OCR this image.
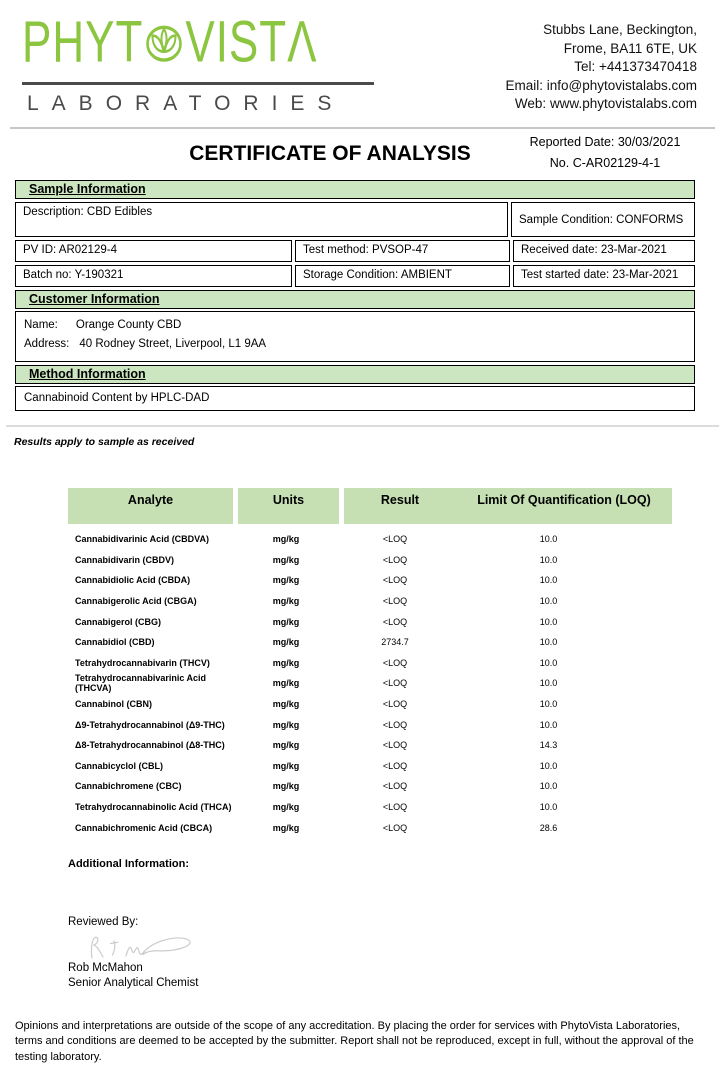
PHYT VISTΛ
LABORATORIES
Stubbs Lane, Beckington,
Frome, BA11 6TE, UK
Tel: +441373470418
Email: info@phytovistalabs.com
Web: www.phytovistalabs.com
CERTIFICATE OF ANALYSIS	Reported Date: 30/03/2021
No. C-AR02129-4-1
Sample Information
Description: CBD Edibles
Sample Condition: CONFORMS
PV ID: AR02129-4	Test method: PVSOP-47	Received date: 23-Mar-2021
Batch no: Y-190321	Storage Condition: AMBIENT	Test started date: 23-Mar-2021
Customer Information
Name: Orange County CBD
Address: 40 Rodney Street, Liverpool, L1 9AA
Method Information
Cannabinoid Content by HPLC-DAD
Results apply to sample as received
Analyte	Units	Result	Limit Of Quantification (LOQ)
Cannabidivarinic Acid (CBDVA)	mg/kg	<LOQ	10.0
Cannabidivarin (CBDV)	mg/kg	<LOQ	10.0
Cannabidiolic Acid (CBDA)	mg/kg	<LOQ	10.0
Cannabigerolic Acid (CBGA)	mg/kg	<LOQ	10.0
Cannabigerol (CBG)	mg/kg	<LOQ	10.0
Cannabidiol (CBD)	mg/kg	2734.7	10.0
Tetrahydrocannabivarin (THCV)	mg/kg	<LOQ	10.0
Tetrahydrocannabivarinic Acid (THCVA)	mg/kg	<LOQ	10.0
Cannabinol (CBN)	mg/kg	<LOQ	10.0
Δ9-Tetrahydrocannabinol (Δ9-THC)	mg/kg	<LOQ	10.0
Δ8-Tetrahydrocannabinol (Δ8-THC)	mg/kg	<LOQ	14.3
Cannabicyclol (CBL)	mg/kg	<LOQ	10.0
Cannabichromene (CBC)	mg/kg	<LOQ	10.0
Tetrahydrocannabinolic Acid (THCA)	mg/kg	<LOQ	10.0
Cannabichromenic Acid (CBCA)	mg/kg	<LOQ	28.6
Additional Information:
Reviewed By:
Rob McMahon
Senior Analytical Chemist
Opinions and interpretations are outside of the scope of any accreditation. By placing the order for services with PhytoVista Laboratories, terms and conditions are deemed to be accepted by the submitter. Report shall not be reproduced, except in full, without the approval of the testing laboratory.
